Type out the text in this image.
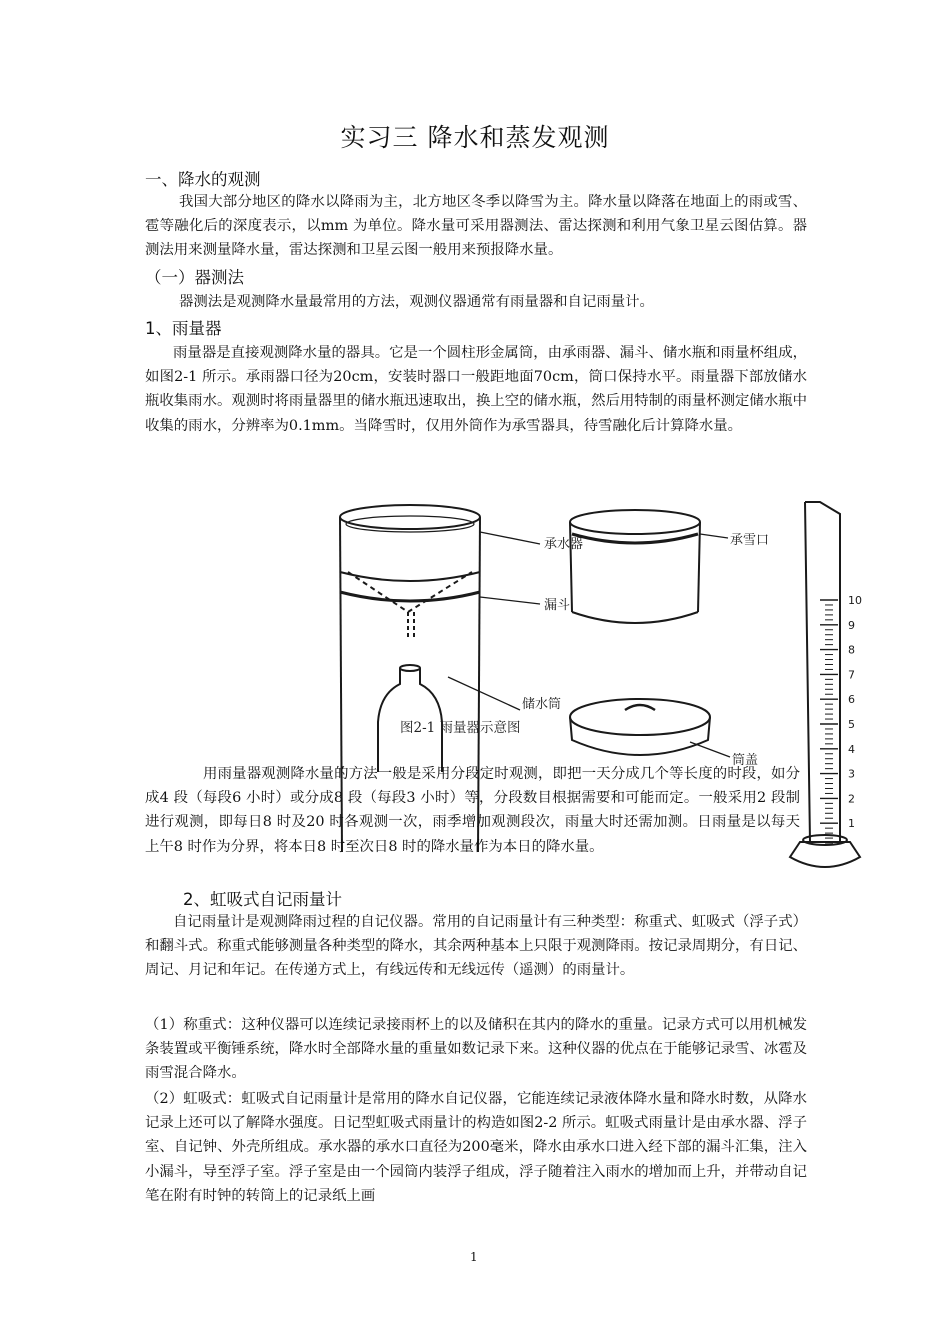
实习三 降水和蒸发观测
一、降水的观测

我国大部分地区的降水以降雨为主，北方地区冬季以降雪为主。降水量以降落在地面上的雨或雪、雹等融化后的深度表示，以mm 为单位。降水量可采用器测法、雷达探测和利用气象卫星云图估算。器测法用来测量降水量，雷达探测和卫星云图一般用来预报降水量。

（一）器测法

器测法是观测降水量最常用的方法，观测仪器通常有雨量器和自记雨量计。

1、雨量器

雨量器是直接观测降水量的器具。它是一个圆柱形金属筒，由承雨器、漏斗、储水瓶和雨量杯组成，如图2-1 所示。承雨器口径为20cm，安装时器口一般距地面70cm，筒口保持水平。雨量器下部放储水瓶收集雨水。观测时将雨量器里的储水瓶迅速取出，换上空的储水瓶，然后用特制的雨量杯测定储水瓶中收集的雨水，分辨率为0.1mm。当降雪时，仅用外筒作为承雪器具，待雪融化后计算降水量。

10
9
8
7
6
5
4
3
2
1
承水器
漏斗
储水筒
承雪口
筒盖
图2-1 雨量器示意图

用雨量器观测降水量的方法一般是采用分段定时观测，即把一天分成几个等长度的时段，如分成4 段（每段6 小时）或分成8 段（每段3 小时）等，分段数目根据需要和可能而定。一般采用2 段制进行观测，即每日8 时及20 时各观测一次，雨季增加观测段次，雨量大时还需加测。日雨量是以每天上午8 时作为分界，将本日8 时至次日8 时的降水量作为本日的降水量。

2、虹吸式自记雨量计

自记雨量计是观测降雨过程的自记仪器。常用的自记雨量计有三种类型：称重式、虹吸式（浮子式）和翻斗式。称重式能够测量各种类型的降水，其余两种基本上只限于观测降雨。按记录周期分，有日记、周记、月记和年记。在传递方式上，有线远传和无线远传（遥测）的雨量计。

（1）称重式：这种仪器可以连续记录接雨杯上的以及储积在其内的降水的重量。记录方式可以用机械发条装置或平衡锤系统，降水时全部降水量的重量如数记录下来。这种仪器的优点在于能够记录雪、冰雹及雨雪混合降水。

（2）虹吸式：虹吸式自记雨量计是常用的降水自记仪器，它能连续记录液体降水量和降水时数，从降水记录上还可以了解降水强度。日记型虹吸式雨量计的构造如图2-2 所示。虹吸式雨量计是由承水器、浮子室、自记钟、外壳所组成。承水器的承水口直径为200毫米，降水由承水口进入经下部的漏斗汇集，注入小漏斗，导至浮子室。浮子室是由一个园筒内装浮子组成，浮子随着注入雨水的增加而上升，并带动自记笔在附有时钟的转筒上的记录纸上画

1
